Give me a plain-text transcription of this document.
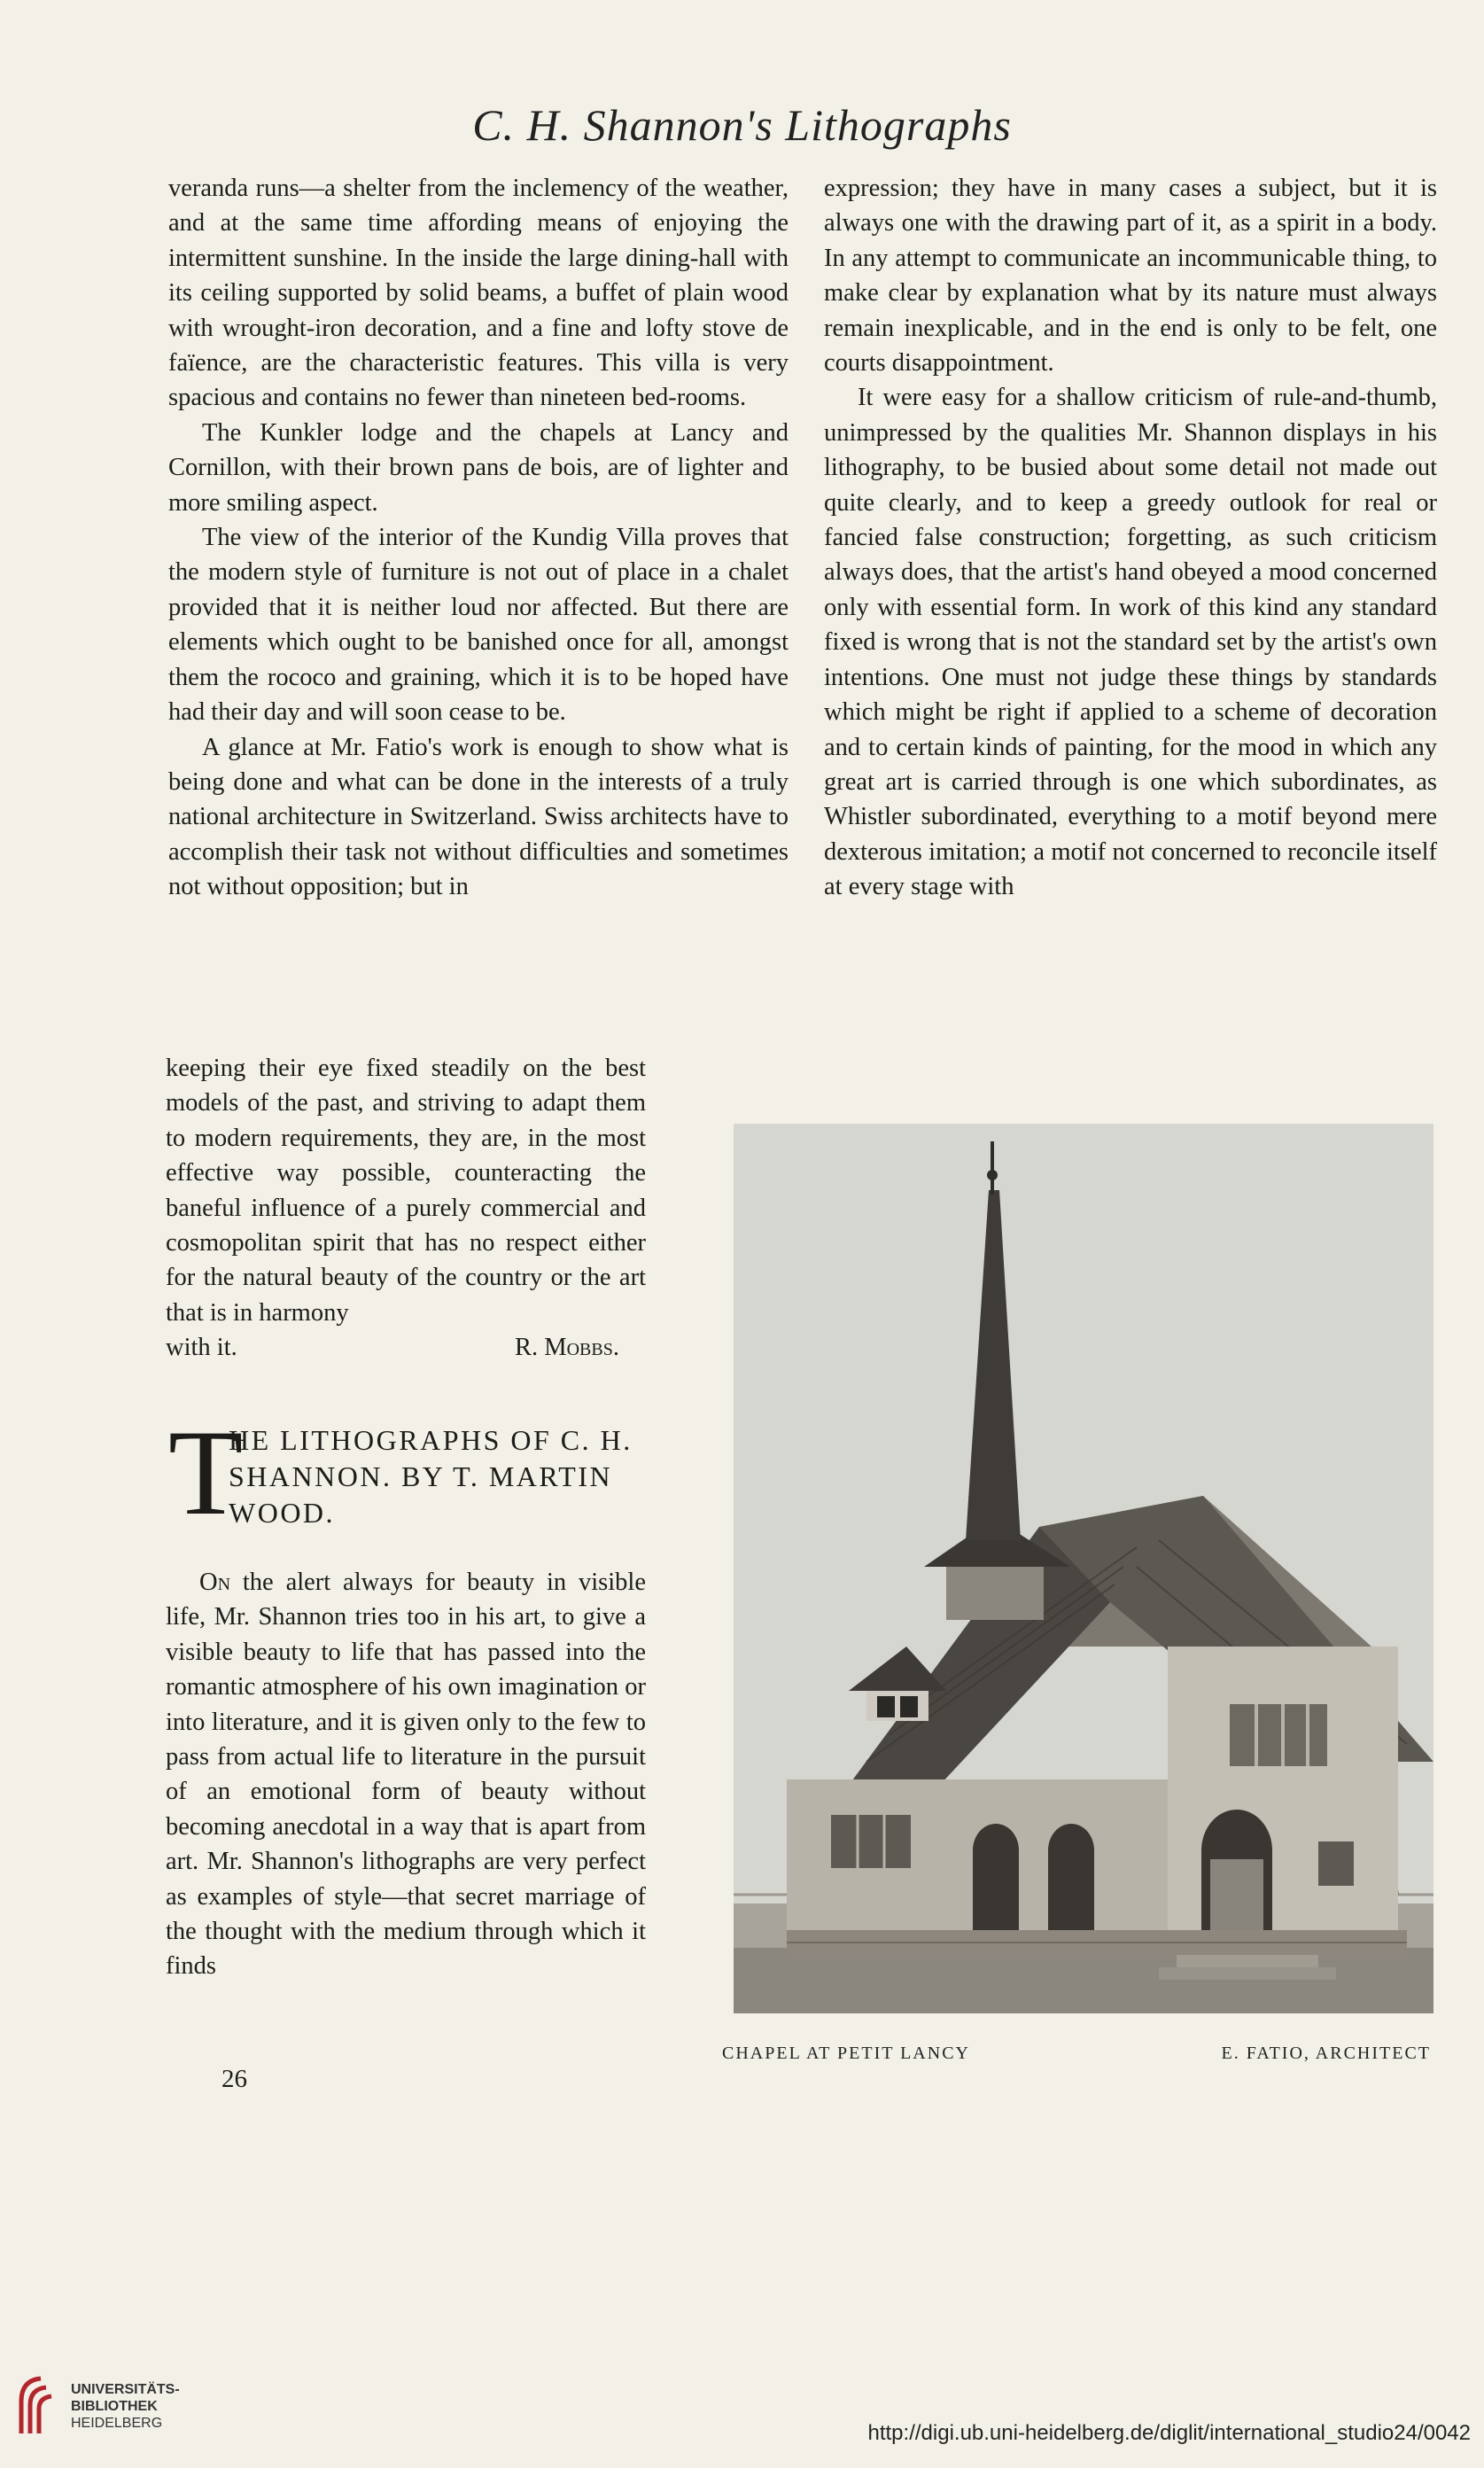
C. H. Shannon's Lithographs

veranda runs—a shelter from the inclemency of the weather, and at the same time affording means of enjoying the intermittent sunshine. In the inside the large dining-hall with its ceiling supported by solid beams, a buffet of plain wood with wrought-iron decoration, and a fine and lofty stove de faïence, are the characteristic features. This villa is very spacious and contains no fewer than nineteen bed-rooms.

The Kunkler lodge and the chapels at Lancy and Cornillon, with their brown pans de bois, are of lighter and more smiling aspect.

The view of the interior of the Kundig Villa proves that the modern style of furniture is not out of place in a chalet provided that it is neither loud nor affected. But there are elements which ought to be banished once for all, amongst them the rococo and graining, which it is to be hoped have had their day and will soon cease to be.

A glance at Mr. Fatio's work is enough to show what is being done and what can be done in the interests of a truly national architecture in Switzerland. Swiss architects have to accomplish their task not without difficulties and sometimes not without opposition; but in

keeping their eye fixed steadily on the best models of the past, and striving to adapt them to modern requirements, they are, in the most effective way possible, counteracting the baneful influence of a purely commercial and cosmopolitan spirit that has no respect either for the natural beauty of the country or the art that is in harmony

with it.	R. Mobbs.
T
HE LITHOGRAPHS OF C. H. SHANNON. BY T. MARTIN WOOD.

On the alert always for beauty in visible life, Mr. Shannon tries too in his art, to give a visible beauty to life that has passed into the romantic atmosphere of his own imagination or into literature, and it is given only to the few to pass from actual life to literature in the pursuit of an emotional form of beauty without becoming anecdotal in a way that is apart from art. Mr. Shannon's lithographs are very perfect as examples of style—that secret marriage of the thought with the medium through which it finds

26

expression; they have in many cases a subject, but it is always one with the drawing part of it, as a spirit in a body. In any attempt to communicate an incommunicable thing, to make clear by explanation what by its nature must always remain inexplicable, and in the end is only to be felt, one courts disappointment.

It were easy for a shallow criticism of rule-and-thumb, unimpressed by the qualities Mr. Shannon displays in his lithography, to be busied about some detail not made out quite clearly, and to keep a greedy outlook for real or fancied false construction; forgetting, as such criticism always does, that the artist's hand obeyed a mood concerned only with essential form. In work of this kind any standard fixed is wrong that is not the standard set by the artist's own intentions. One must not judge these things by standards which might be right if applied to a scheme of decoration and to certain kinds of painting, for the mood in which any great art is carried through is one which subordinates, as Whistler subordinated, everything to a motif beyond mere dexterous imitation; a motif not concerned to reconcile itself at every stage with

CHAPEL AT PETIT LANCY	E. FATIO, ARCHITECT
UNIVERSITÄTS-
BIBLIOTHEK
HEIDELBERG	http://digi.ub.uni-heidelberg.de/diglit/international_studio24/0042
